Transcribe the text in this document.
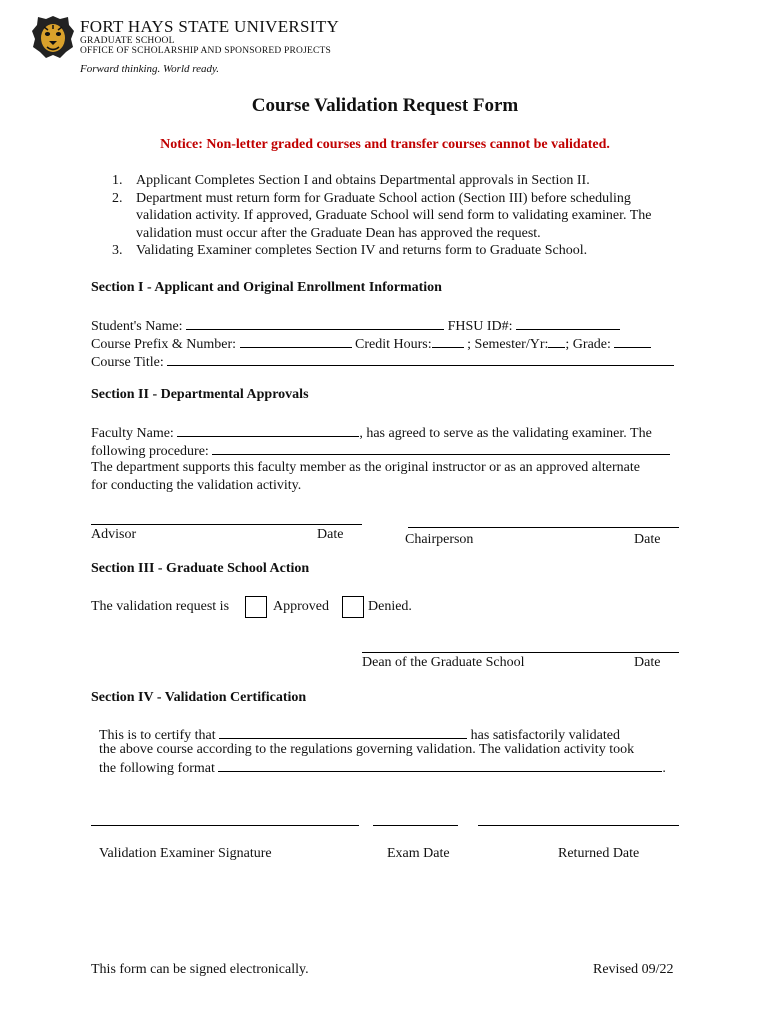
FORT HAYS STATE UNIVERSITY
GRADUATE SCHOOL
OFFICE OF SCHOLARSHIP AND SPONSORED PROJECTS
Forward thinking. World ready.
Course Validation Request Form
Notice: Non-letter graded courses and transfer courses cannot be validated.
1. Applicant Completes Section I and obtains Departmental approvals in Section II.
2. Department must return form for Graduate School action (Section III) before scheduling validation activity. If approved, Graduate School will send form to validating examiner. The validation must occur after the Graduate Dean has approved the request.
3. Validating Examiner completes Section IV and returns form to Graduate School.
Section I - Applicant and Original Enrollment Information
Student's Name:	FHSU ID#:
Course Prefix & Number:	Credit Hours:	; Semester/Yr: ; Grade:
Course Title:
Section II - Departmental Approvals
Faculty Name:	, has agreed to serve as the validating examiner. The
following procedure:
The department supports this faculty member as the original instructor or as an approved alternate for conducting the validation activity.
Advisor	Date	Chairperson	Date
Section III - Graduate School Action
The validation request is	Approved	Denied.
Dean of the Graduate School	Date
Section IV - Validation Certification
This is to certify that	has satisfactorily validated
the above course according to the regulations governing validation. The validation activity took
the following format	.
Validation Examiner Signature	Exam Date	Returned Date
This form can be signed electronically.	Revised 09/22
